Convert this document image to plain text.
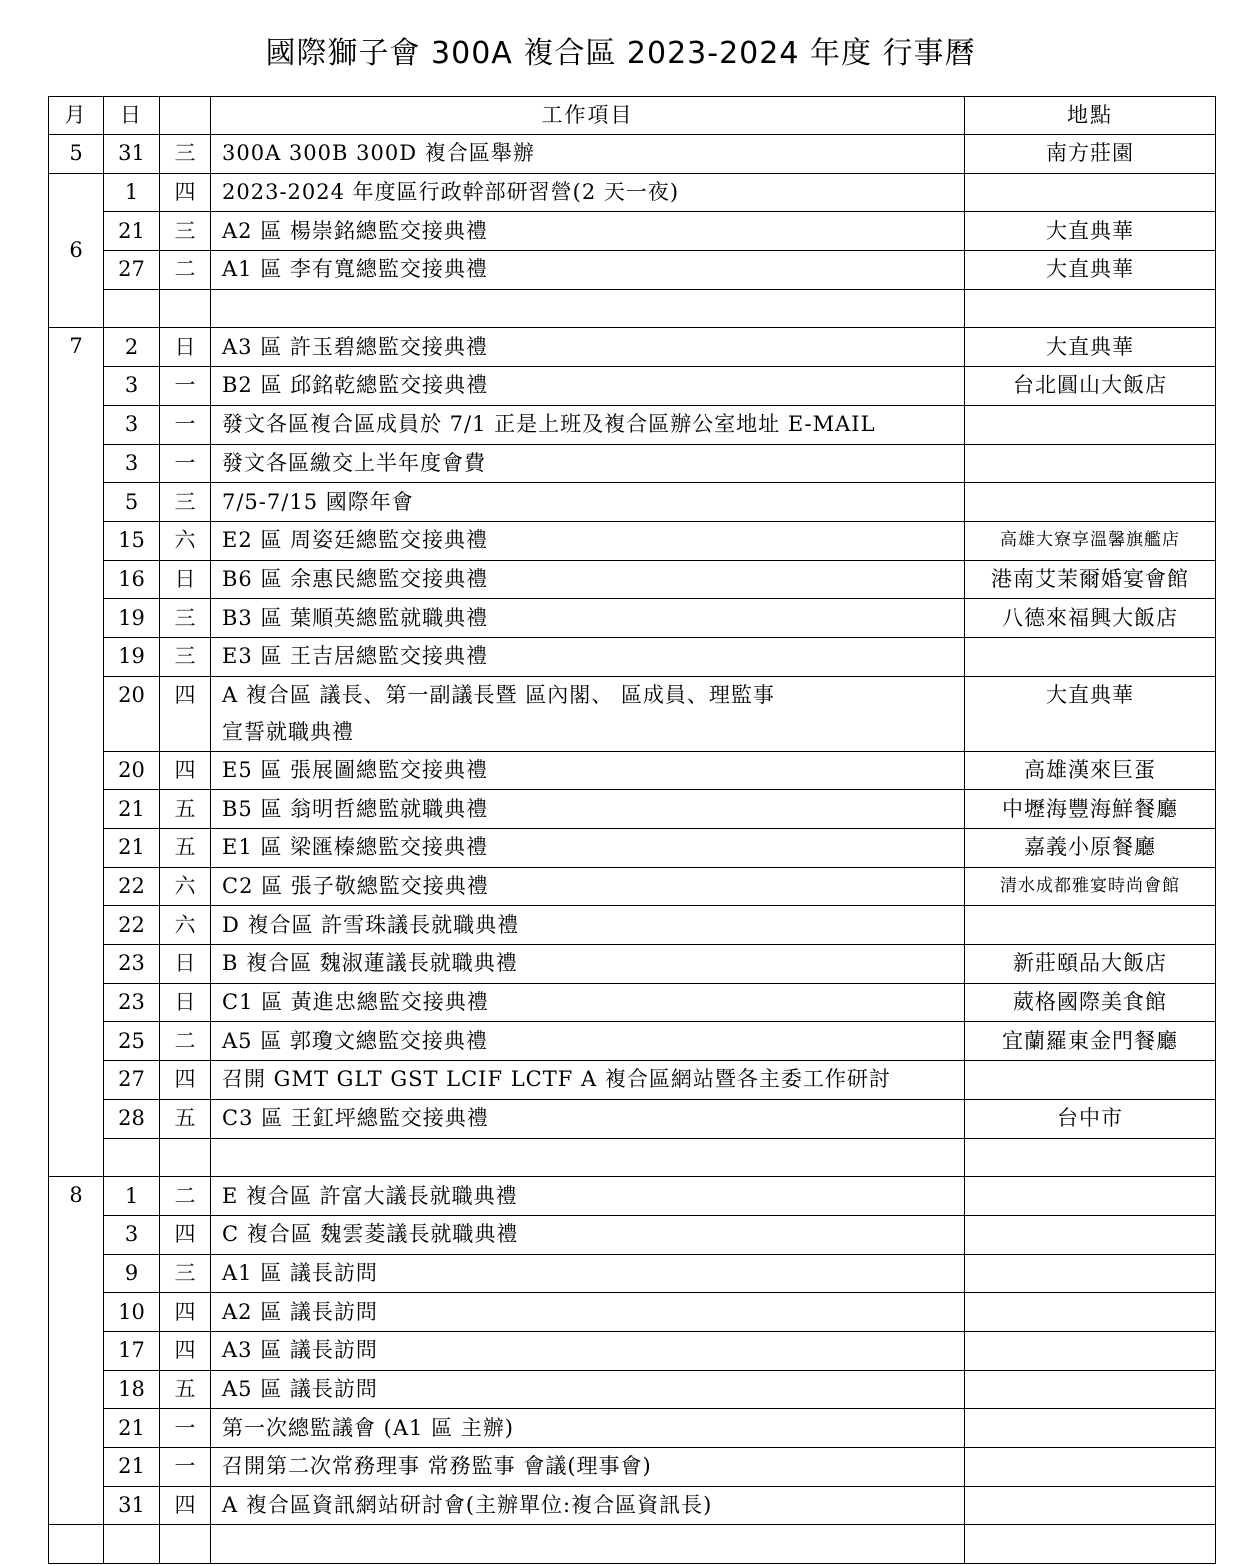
國際獅子會 300A 複合區 2023-2024 年度 行事曆
月	日		工作項目	地點
5	31	三	300A 300B 300D 複合區舉辦	南方莊園
6	1	四	2023-2024 年度區行政幹部研習營(2 天一夜)	
	21	三	A2 區 楊崇銘總監交接典禮	大直典華
	27	二	A1 區 李有寬總監交接典禮	大直典華

7	2	日	A3 區 許玉碧總監交接典禮	大直典華
	3	一	B2 區 邱銘乾總監交接典禮	台北圓山大飯店
	3	一	發文各區複合區成員於 7/1 正是上班及複合區辦公室地址 E-MAIL	
	3	一	發文各區繳交上半年度會費	
	5	三	7/5-7/15 國際年會	
	15	六	E2 區 周姿廷總監交接典禮	高雄大寮享溫馨旗艦店
	16	日	B6 區 余惠民總監交接典禮	港南艾茉爾婚宴會館
	19	三	B3 區 葉順英總監就職典禮	八德來福興大飯店
	19	三	E3 區 王吉居總監交接典禮	
	20	四	A 複合區 議長、第一副議長暨 區內閣、 區成員、理監事
宣誓就職典禮	大直典華
	20	四	E5 區 張展圖總監交接典禮	高雄漢來巨蛋
	21	五	B5 區 翁明哲總監就職典禮	中壢海豐海鮮餐廳
	21	五	E1 區 梁匯榛總監交接典禮	嘉義小原餐廳
	22	六	C2 區 張子敬總監交接典禮	清水成都雅宴時尚會館
	22	六	D 複合區 許雪珠議長就職典禮	
	23	日	B 複合區 魏淑蓮議長就職典禮	新莊頤品大飯店
	23	日	C1 區 黃進忠總監交接典禮	葳格國際美食館
	25	二	A5 區 郭瓊文總監交接典禮	宜蘭羅東金門餐廳
	27	四	召開 GMT GLT GST LCIF LCTF A 複合區網站暨各主委工作研討	
	28	五	C3 區 王釭坪總監交接典禮	台中市

8	1	二	E 複合區 許富大議長就職典禮	
	3	四	C 複合區 魏雲菱議長就職典禮	
	9	三	A1 區 議長訪問	
	10	四	A2 區 議長訪問	
	17	四	A3 區 議長訪問	
	18	五	A5 區 議長訪問	
	21	一	第一次總監議會 (A1 區 主辦)	
	21	一	召開第二次常務理事 常務監事 會議(理事會)	
	31	四	A 複合區資訊網站研討會(主辦單位:複合區資訊長)	
